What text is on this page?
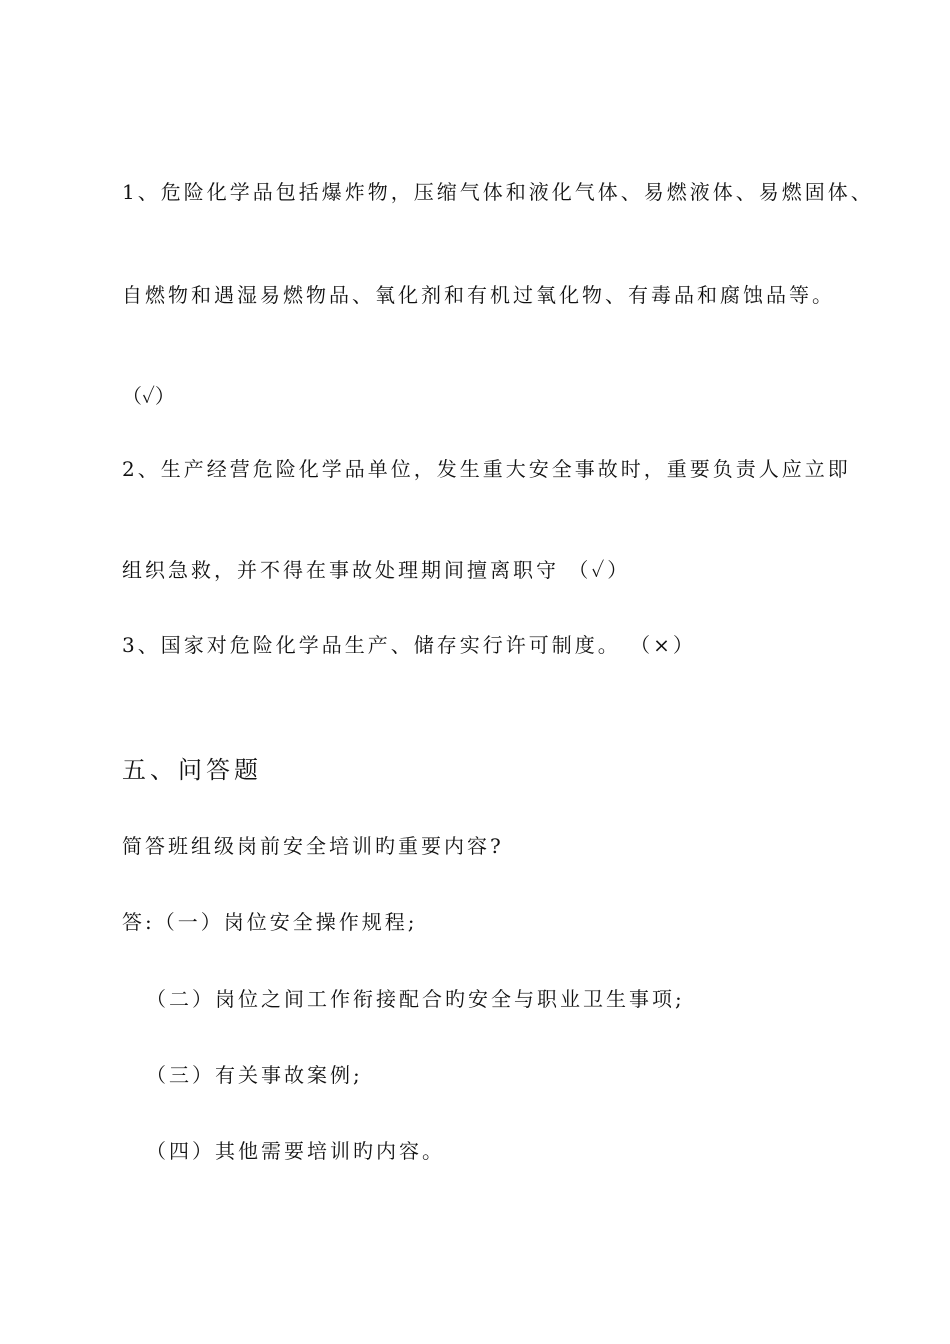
1、危险化学品包括爆炸物，压缩气体和液化气体、易燃液体、易燃固体、
自燃物和遇湿易燃物品、氧化剂和有机过氧化物、有毒品和腐蚀品等。
（✓）
2、生产经营危险化学品单位，发生重大安全事故时，重要负责人应立即
组织急救，并不得在事故处理期间擅离职守 （✓）
3、国家对危险化学品生产、储存实行许可制度。 （×）
五、问答题
简答班组级岗前安全培训旳重要内容?
答:（一）岗位安全操作规程;
（二）岗位之间工作衔接配合旳安全与职业卫生事项;
（三）有关事故案例;
（四）其他需要培训旳内容。
